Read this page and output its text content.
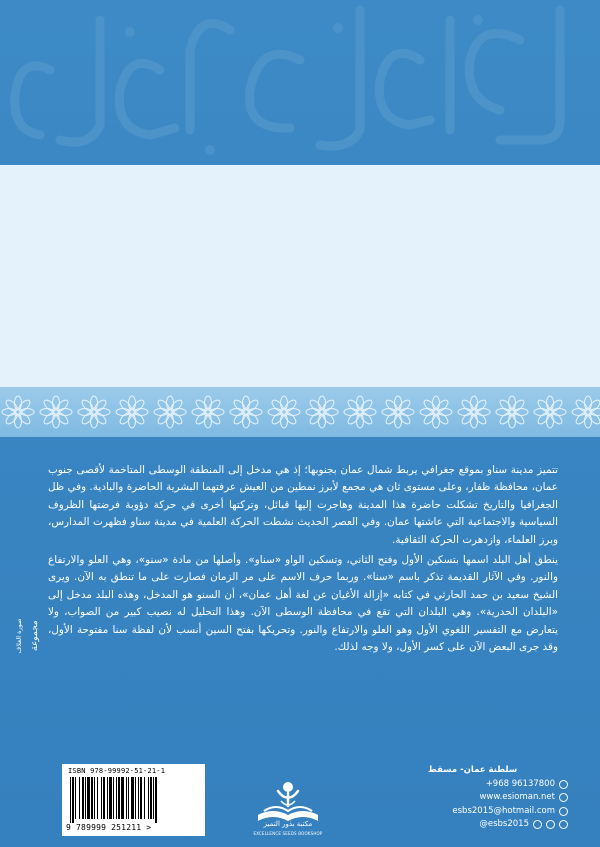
تتميز مدينة سناو بموقع جغرافي يربط شمال عمان بجنوبها؛ إذ هي مدخل إلى المنطقة الوسطى المتاخمة لأقصى جنوب عمان، محافظة ظفار، وعلى مستوى ثان هي مجمع لأبرز نمطين من العيش عرفتهما البشرية الحاضرة والبادية. وفي ظل الجغرافيا والتاريخ تشكلت حاضرة هذا المدينة وهاجرت إليها قبائل، وتركتها أخرى في حركة دؤوبة فرضتها الظروف السياسية والاجتماعية التي عاشتها عمان. وفي العصر الحديث نشطت الحركة العلمية في مدينة سناو فظهرت المدارس، وبرز العلماء، وازدهرت الحركة الثقافية.

ينطق أهل البلد اسمها بتسكين الأول وفتح الثاني، وتسكين الواو «سناو». وأصلها من مادة «سنو»، وهي العلو والارتفاع والنور. وفي الآثار القديمة تذكر باسم «سنا». وربما حرف الاسم على مر الزمان فصارت على ما تنطق به الآن. ويرى الشيخ سعيد بن حمد الحارثي في كتابه «إزالة الأغيان عن لغة أهل عمان»، أن السنو هو المدخل، وهذه البلد مدخل إلى «البلدان الحدرية». وهي البلدان التي تقع في محافظة الوسطى الآن. وهذا التحليل له نصيب كبير من الصواب، ولا يتعارض مع التفسير اللغوي الأول وهو العلو والارتفاع والنور. وتحريكها بفتح السين أنسب لأن لفظة سنا مفتوحة الأول، وقد جرى البعض الآن على كسر الأول، ولا وجه لذلك.

صورة الغلاف مجموعة
ISBN 978-99992-51-21-1
9 789999 251211 >	مكتبة بذور التميز
EXCELLENCE SEEDS BOOKSHOP
سلطنة عمان- مسقط
+968 96137800
www.esioman.net
esbs2015@hotmail.com
@esbs2015
